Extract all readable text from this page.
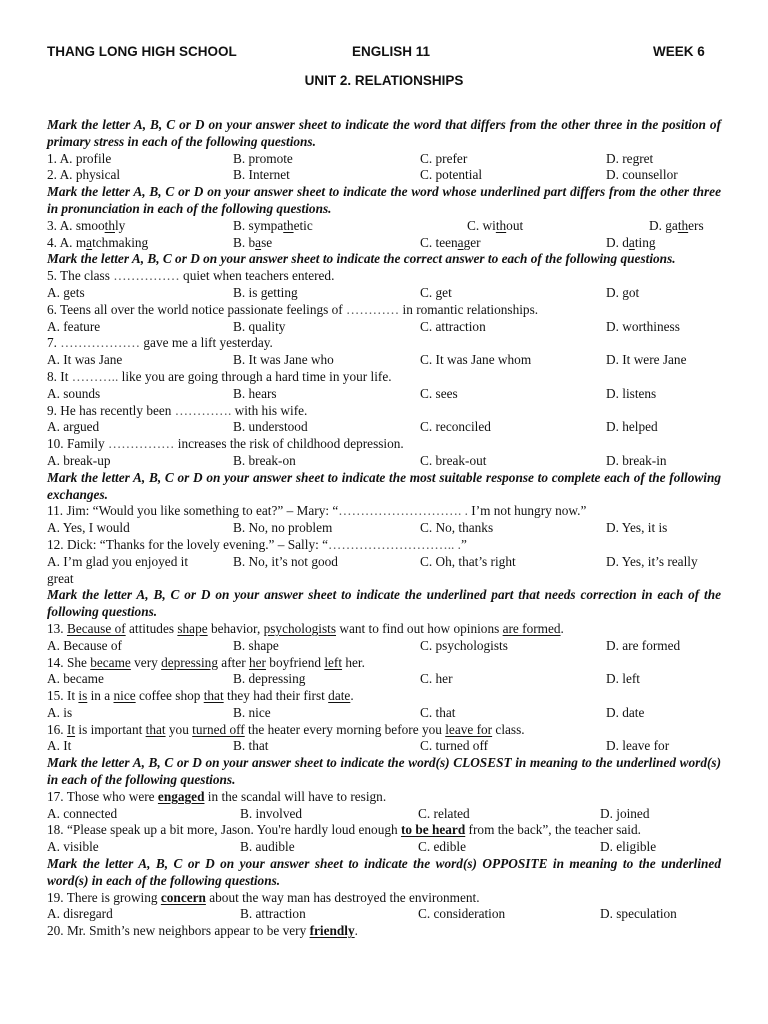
THANG LONG HIGH SCHOOL	ENGLISH 11	WEEK 6
UNIT 2. RELATIONSHIPS
Mark the letter A, B, C or D on your answer sheet to indicate the word that differs from the other three in the position of primary stress in each of the following questions.
1. A. profile	B. promote	C. prefer	D. regret
2. A. physical	B. Internet	C. potential	D. counsellor
Mark the letter A, B, C or D on your answer sheet to indicate the word whose underlined part differs from the other three in pronunciation in each of the following questions.
3. A. smoothly	B. sympathetic	C. without	D. gathers
4. A. matchmaking	B. base	C. teenager	D. dating
Mark the letter A, B, C or D on your answer sheet to indicate the correct answer to each of the following questions.
5. The class …………… quiet when teachers entered.
A. gets	B. is getting	C. get	D. got
6. Teens all over the world notice passionate feelings of ………… in romantic relationships.
A. feature	B. quality	C. attraction	D. worthiness
7. ……………… gave me a lift yesterday.
A. It was Jane	B. It was Jane who	C. It was Jane whom	D. It were Jane
8. It ……….. like you are going through a hard time in your life.
A. sounds	B. hears	C. sees	D. listens
9. He has recently been …………. with his wife.
A. argued	B. understood	C. reconciled	D. helped
10. Family …………… increases the risk of childhood depression.
A. break-up	B. break-on	C. break-out	D. break-in
Mark the letter A, B, C or D on your answer sheet to indicate the most suitable response to complete each of the following exchanges.
11. Jim: “Would you like something to eat?” – Mary: “………………………. . I’m not hungry now.”
A. Yes, I would	B. No, no problem	C. No, thanks	D. Yes, it is
12. Dick: “Thanks for the lovely evening.” – Sally: “……………………….. .”
A. I’m glad you enjoyed it	B. No, it’s not good	C. Oh, that’s right	D. Yes, it’s really
great
Mark the letter A, B, C or D on your answer sheet to indicate the underlined part that needs correction in each of the following questions.
13. Because of attitudes shape behavior, psychologists want to find out how opinions are formed.
A. Because of	B. shape	C. psychologists	D. are formed
14. She became very depressing after her boyfriend left her.
A. became	B. depressing	C. her	D. left
15. It is in a nice coffee shop that they had their first date.
A. is	B. nice	C. that	D. date
16. It is important that you turned off the heater every morning before you leave for class.
A. It	B. that	C. turned off	D. leave for
Mark the letter A, B, C or D on your answer sheet to indicate the word(s) CLOSEST in meaning to the underlined word(s) in each of the following questions.
17. Those who were engaged in the scandal will have to resign.
A. connected	B. involved	C. related	D. joined
18. “Please speak up a bit more, Jason. You're hardly loud enough to be heard from the back”, the teacher said.
A. visible	B. audible	C. edible	D. eligible
Mark the letter A, B, C or D on your answer sheet to indicate the word(s) OPPOSITE in meaning to the underlined word(s) in each of the following questions.
19. There is growing concern about the way man has destroyed the environment.
A. disregard	B. attraction	C. consideration	D. speculation
20. Mr. Smith’s new neighbors appear to be very friendly.
